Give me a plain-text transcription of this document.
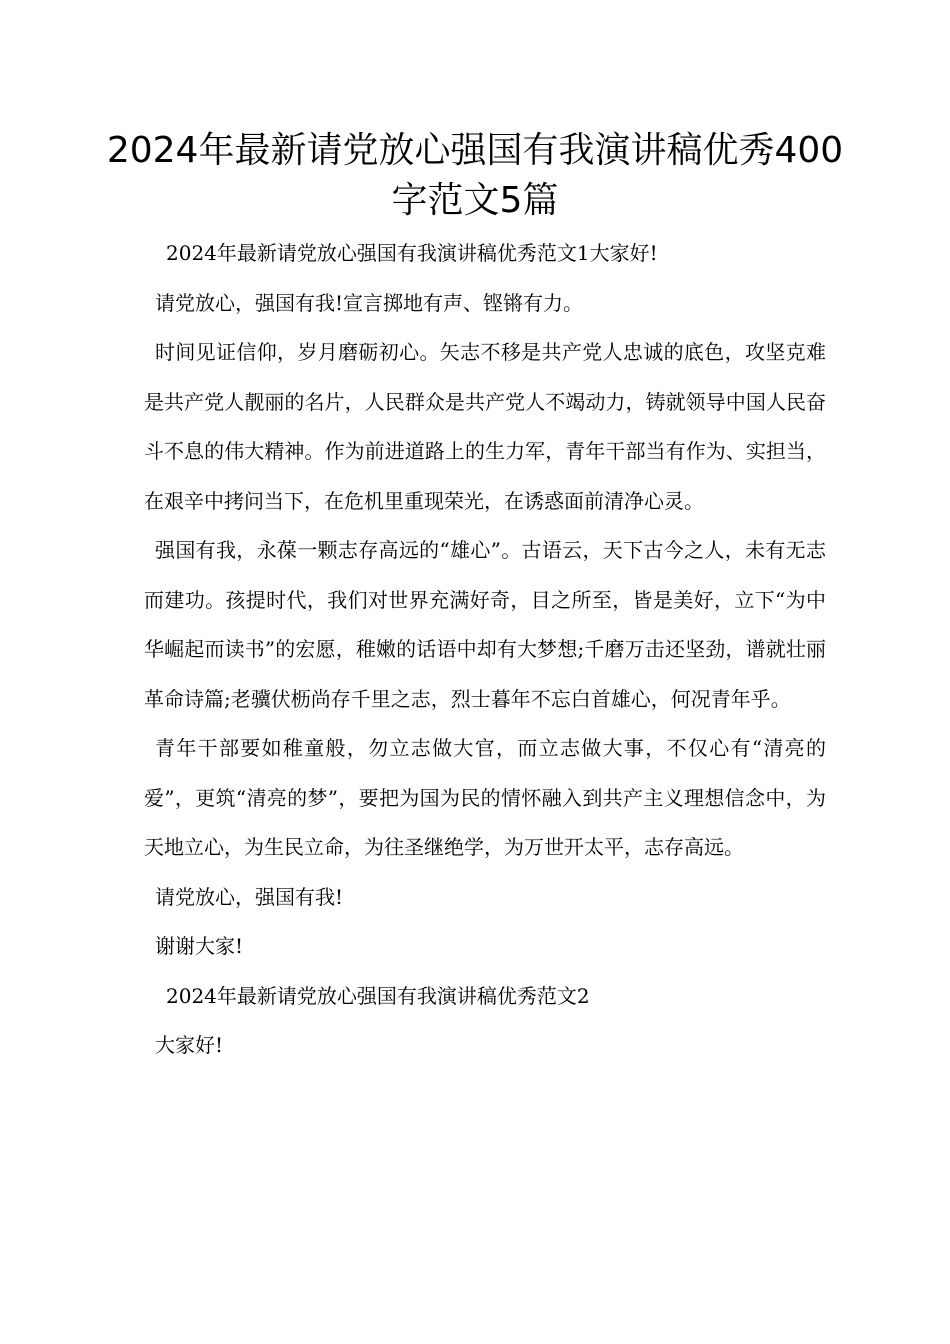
2024年最新请党放心强国有我演讲稿优秀400字范文5篇

2024年最新请党放心强国有我演讲稿优秀范文1大家好!

请党放心，强国有我!宣言掷地有声、铿锵有力。

时间见证信仰，岁月磨砺初心。矢志不移是共产党人忠诚的底色，攻坚克难是共产党人靓丽的名片，人民群众是共产党人不竭动力，铸就领导中国人民奋斗不息的伟大精神。作为前进道路上的生力军，青年干部当有作为、实担当，在艰辛中拷问当下，在危机里重现荣光，在诱惑面前清净心灵。

强国有我，永葆一颗志存高远的“雄心”。古语云，天下古今之人，未有无志而建功。孩提时代，我们对世界充满好奇，目之所至，皆是美好，立下“为中华崛起而读书”的宏愿，稚嫩的话语中却有大梦想;千磨万击还坚劲，谱就壮丽革命诗篇;老骥伏枥尚存千里之志，烈士暮年不忘白首雄心，何况青年乎。

青年干部要如稚童般，勿立志做大官，而立志做大事，不仅心有“清亮的爱”，更筑“清亮的梦”，要把为国为民的情怀融入到共产主义理想信念中，为天地立心，为生民立命，为往圣继绝学，为万世开太平，志存高远。

请党放心，强国有我!

谢谢大家!

2024年最新请党放心强国有我演讲稿优秀范文2

大家好!
